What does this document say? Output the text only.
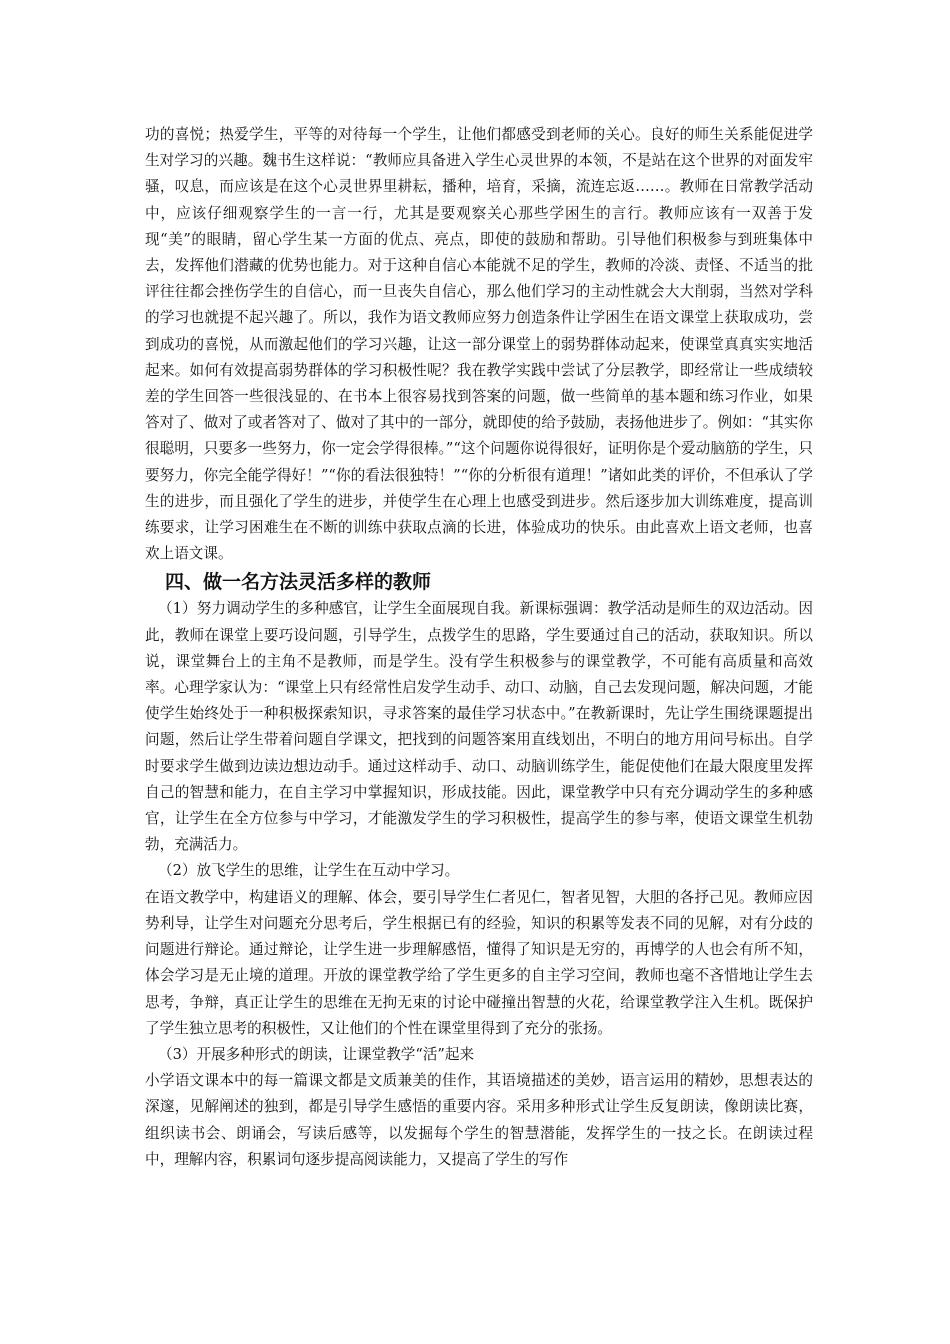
功的喜悦；热爱学生，平等的对待每一个学生，让他们都感受到老师的关心。良好的师生关系能促进学生对学习的兴趣。魏书生这样说：“教师应具备进入学生心灵世界的本领，不是站在这个世界的对面发牢骚，叹息，而应该是在这个心灵世界里耕耘，播种，培育，采摘，流连忘返……。教师在日常教学活动中，应该仔细观察学生的一言一行，尤其是要观察关心那些学困生的言行。教师应该有一双善于发现“美”的眼睛，留心学生某一方面的优点、亮点，即使的鼓励和帮助。引导他们积极参与到班集体中去，发挥他们潜藏的优势也能力。对于这种自信心本能就不足的学生，教师的冷淡、责怪、不适当的批评往往都会挫伤学生的自信心，而一旦丧失自信心，那么他们学习的主动性就会大大削弱，当然对学科的学习也就提不起兴趣了。所以，我作为语文教师应努力创造条件让学困生在语文课堂上获取成功，尝到成功的喜悦，从而激起他们的学习兴趣，让这一部分课堂上的弱势群体动起来，使课堂真真实实地活起来。如何有效提高弱势群体的学习积极性呢？我在教学实践中尝试了分层教学，即经常让一些成绩较差的学生回答一些很浅显的、在书本上很容易找到答案的问题，做一些简单的基本题和练习作业，如果答对了、做对了或者答对了、做对了其中的一部分，就即使的给予鼓励，表扬他进步了。例如：“其实你很聪明，只要多一些努力，你一定会学得很棒。”“这个问题你说得很好，证明你是个爱动脑筋的学生，只要努力，你完全能学得好！”“你的看法很独特！”“你的分析很有道理！”诸如此类的评价，不但承认了学生的进步，而且强化了学生的进步，并使学生在心理上也感受到进步。然后逐步加大训练难度，提高训练要求，让学习困难生在不断的训练中获取点滴的长进，体验成功的快乐。由此喜欢上语文老师，也喜欢上语文课。

四、做一名方法灵活多样的教师

（1）努力调动学生的多种感官，让学生全面展现自我。新课标强调：教学活动是师生的双边活动。因此，教师在课堂上要巧设问题，引导学生，点拨学生的思路，学生要通过自己的活动，获取知识。所以说，课堂舞台上的主角不是教师，而是学生。没有学生积极参与的课堂教学，不可能有高质量和高效率。心理学家认为：“课堂上只有经常性启发学生动手、动口、动脑，自己去发现问题，解决问题，才能使学生始终处于一种积极探索知识，寻求答案的最佳学习状态中。”在教新课时，先让学生围绕课题提出问题，然后让学生带着问题自学课文，把找到的问题答案用直线划出，不明白的地方用问号标出。自学时要求学生做到边读边想边动手。通过这样动手、动口、动脑训练学生，能促使他们在最大限度里发挥自己的智慧和能力，在自主学习中掌握知识，形成技能。因此，课堂教学中只有充分调动学生的多种感官，让学生在全方位参与中学习，才能激发学生的学习积极性，提高学生的参与率，使语文课堂生机勃勃，充满活力。

（2）放飞学生的思维，让学生在互动中学习。

在语文教学中，构建语义的理解、体会，要引导学生仁者见仁，智者见智，大胆的各抒己见。教师应因势利导，让学生对问题充分思考后，学生根据已有的经验，知识的积累等发表不同的见解，对有分歧的问题进行辩论。通过辩论，让学生进一步理解感悟，懂得了知识是无穷的，再博学的人也会有所不知，体会学习是无止境的道理。开放的课堂教学给了学生更多的自主学习空间，教师也毫不吝惜地让学生去思考，争辩，真正让学生的思维在无拘无束的讨论中碰撞出智慧的火花，给课堂教学注入生机。既保护了学生独立思考的积极性，又让他们的个性在课堂里得到了充分的张扬。

（3）开展多种形式的朗读，让课堂教学“活”起来

小学语文课本中的每一篇课文都是文质兼美的佳作，其语境描述的美妙，语言运用的精妙，思想表达的深邃，见解阐述的独到，都是引导学生感悟的重要内容。采用多种形式让学生反复朗读，像朗读比赛，组织读书会、朗诵会，写读后感等，以发掘每个学生的智慧潜能，发挥学生的一技之长。在朗读过程中，理解内容，积累词句逐步提高阅读能力，又提高了学生的写作
